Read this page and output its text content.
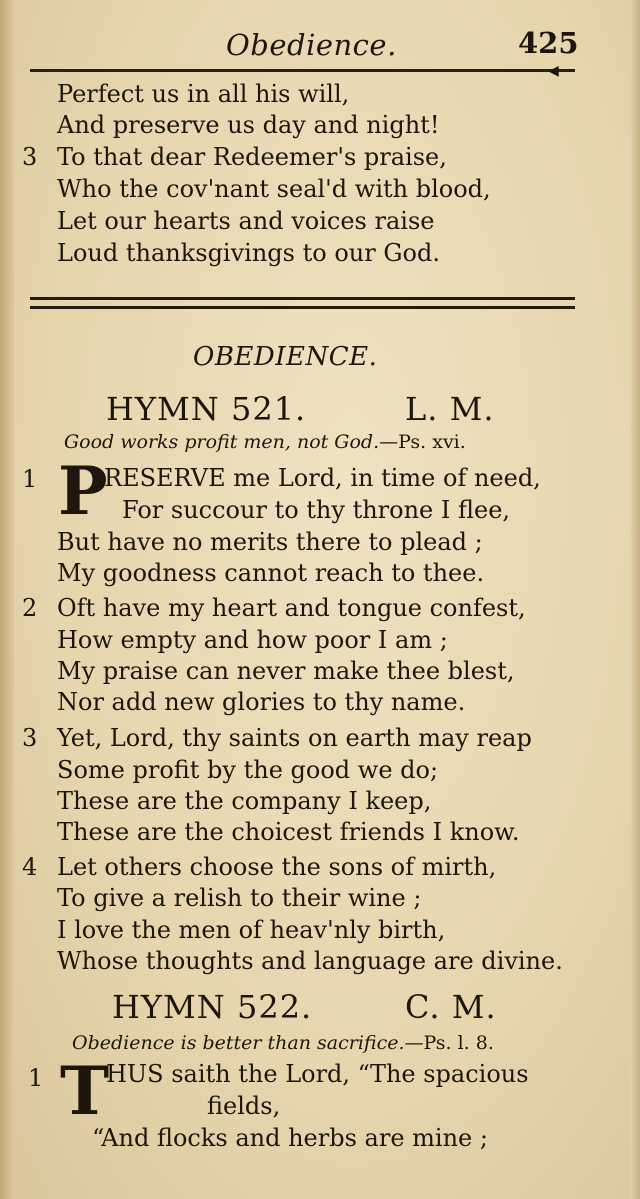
Obedience.	425
◀
Perfect us in all his will,
And preserve us day and night!
3 To that dear Redeemer's praise,
Who the cov'nant seal'd with blood,
Let our hearts and voices raise
Loud thanksgivings to our God.
OBEDIENCE.
HYMN 521.	L. M.
Good works profit men, not God.—Ps. xvi.
1 P
RESERVE me Lord, in time of need,
For succour to thy throne I flee,
But have no merits there to plead ;
My goodness cannot reach to thee.
2 Oft have my heart and tongue confest,
How empty and how poor I am ;
My praise can never make thee blest,
Nor add new glories to thy name.
3 Yet, Lord, thy saints on earth may reap
Some profit by the good we do;
These are the company I keep,
These are the choicest friends I know.
4 Let others choose the sons of mirth,
To give a relish to their wine ;
I love the men of heav'nly birth,
Whose thoughts and language are divine.
HYMN 522.	C. M.
Obedience is better than sacrifice.—Ps. l. 8.
1 T
HUS saith the Lord, “The spacious
fields,
“And flocks and herbs are mine ;
